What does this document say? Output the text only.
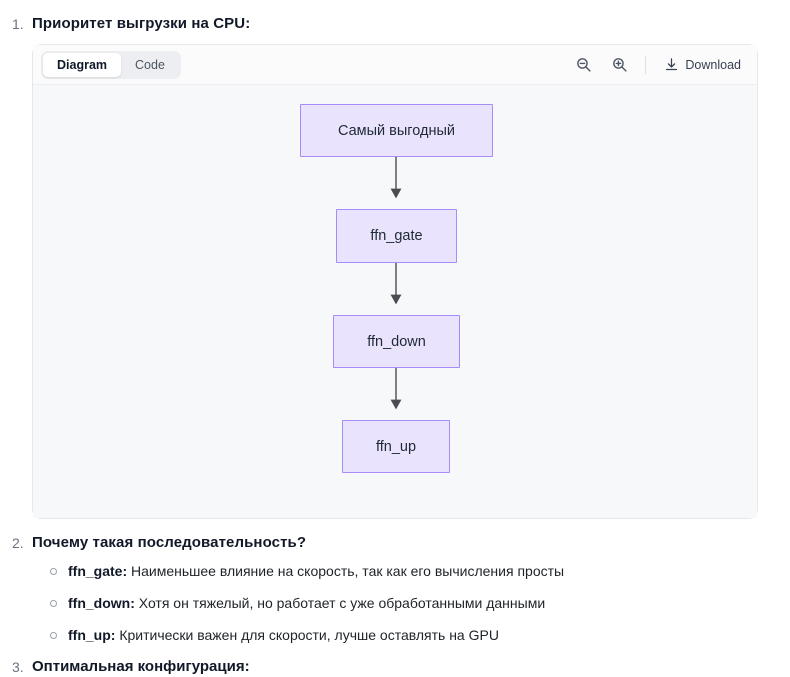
1. Приоритет выгрузки на CPU:
Diagram	Code	Download
Самый выгодный
ffn_gate
ffn_down
ffn_up
2. Почему такая последовательность?
ffn_gate: Наименьшее влияние на скорость, так как его вычисления просты
ffn_down: Хотя он тяжелый, но работает с уже обработанными данными
ffn_up: Критически важен для скорости, лучше оставлять на GPU
3. Оптимальная конфигурация:
